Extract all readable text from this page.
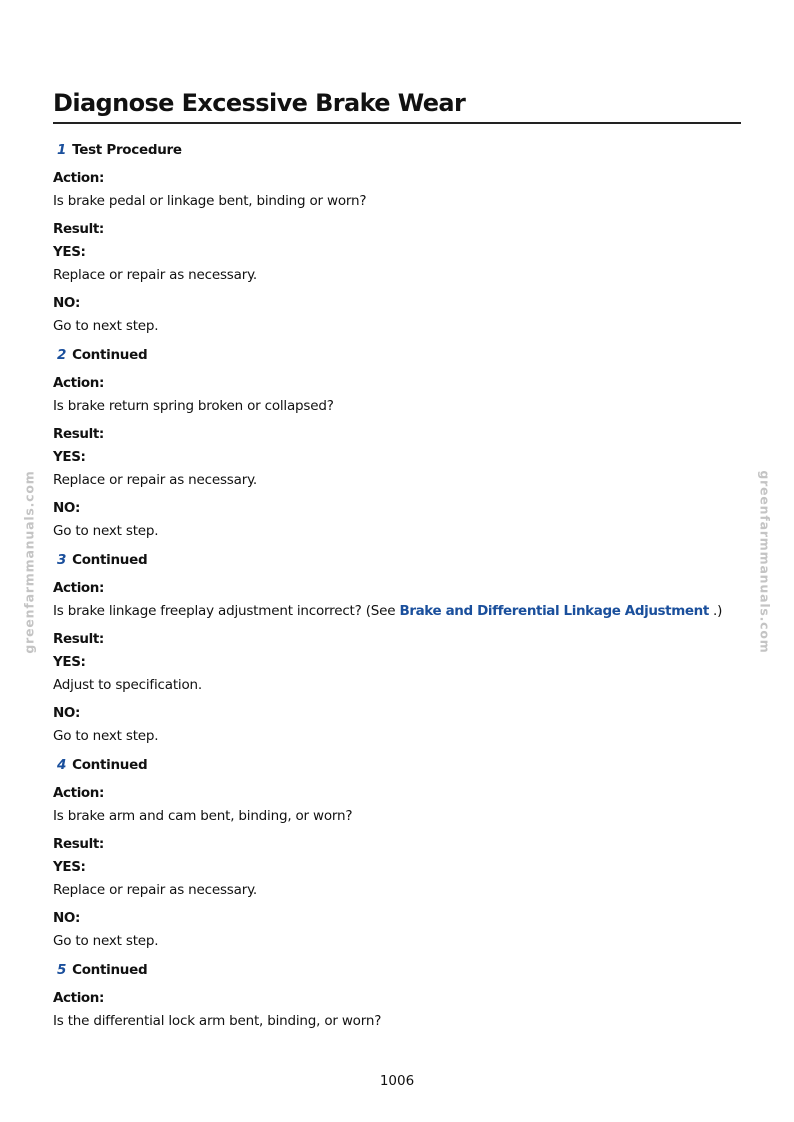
Diagnose Excessive Brake Wear
1 Test Procedure
Action:
Is brake pedal or linkage bent, binding or worn?
Result:
YES:
Replace or repair as necessary.
NO:
Go to next step.
2 Continued
Action:
Is brake return spring broken or collapsed?
Result:
YES:
Replace or repair as necessary.
NO:
Go to next step.
3 Continued
Action:
Is brake linkage freeplay adjustment incorrect? (See Brake and Differential Linkage Adjustment .)
Result:
YES:
Adjust to specification.
NO:
Go to next step.
4 Continued
Action:
Is brake arm and cam bent, binding, or worn?
Result:
YES:
Replace or repair as necessary.
NO:
Go to next step.
5 Continued
Action:
Is the differential lock arm bent, binding, or worn?
greenfarmmanuals.com	greenfarmmanuals.com
1006
